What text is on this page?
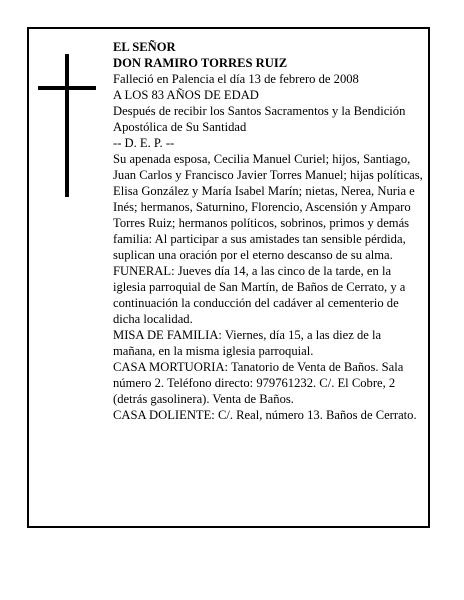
EL SEÑOR

DON RAMIRO TORRES RUIZ

Falleció en Palencia el día 13 de febrero de 2008

A LOS 83 AÑOS DE EDAD

Después de recibir los Santos Sacramentos y la Bendición Apostólica de Su Santidad

-- D. E. P. --

Su apenada esposa, Cecilia Manuel Curiel; hijos, Santiago, Juan Carlos y Francisco Javier Torres Manuel; hijas políticas, Elisa González y María Isabel Marín; nietas, Nerea, Nuria e Inés; hermanos, Saturnino, Florencio, Ascensión y Amparo Torres Ruiz; hermanos políticos, sobrinos, primos y demás familia: Al participar a sus amistades tan sensible pérdida, suplican una oración por el eterno descanso de su alma.

FUNERAL: Jueves día 14, a las cinco de la tarde, en la iglesia parroquial de San Martín, de Baños de Cerrato, y a continuación la conducción del cadáver al cementerio de dicha localidad.

MISA DE FAMILIA: Viernes, día 15, a las diez de la mañana, en la misma iglesia parroquial.

CASA MORTUORIA: Tanatorio de Venta de Baños. Sala número 2. Teléfono directo: 979761232. C/. El Cobre, 2 (detrás gasolinera). Venta de Baños.

CASA DOLIENTE: C/. Real, número 13. Baños de Cerrato.
